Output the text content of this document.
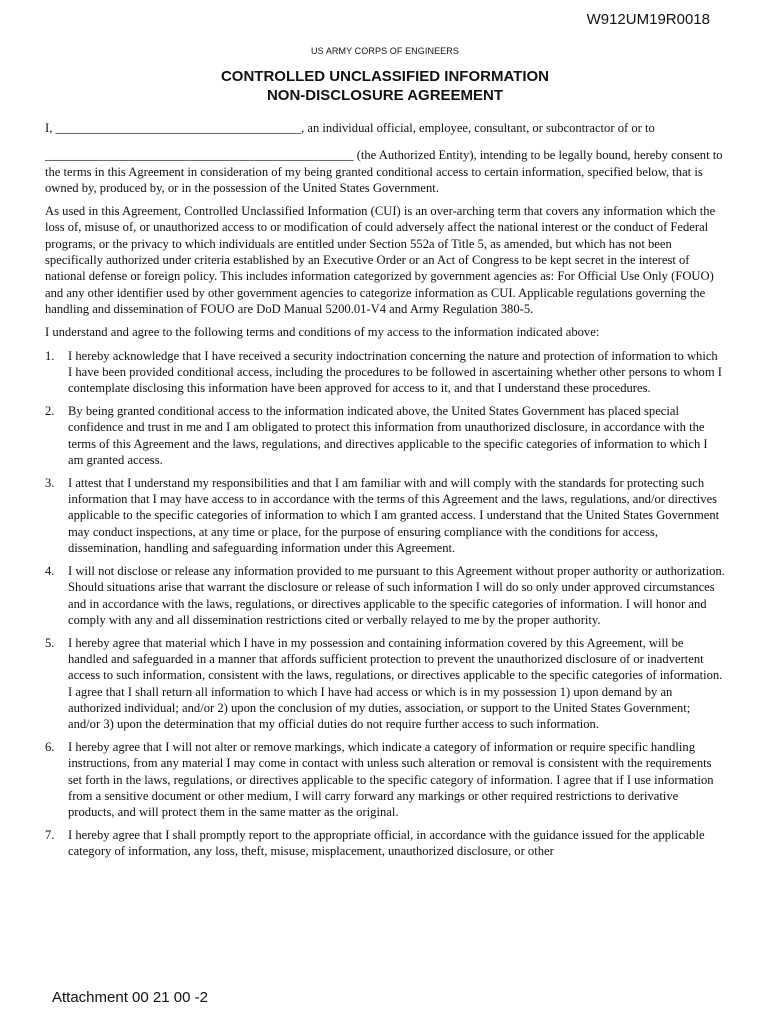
W912UM19R0018
US ARMY CORPS OF ENGINEERS
CONTROLLED UNCLASSIFIED INFORMATION
NON-DISCLOSURE AGREEMENT

I, _______________________________________, an individual official, employee, consultant, or subcontractor of or to

_________________________________________________ (the Authorized Entity), intending to be legally bound, hereby consent to the terms in this Agreement in consideration of my being granted conditional access to certain information, specified below, that is owned by, produced by, or in the possession of the United States Government.

As used in this Agreement, Controlled Unclassified Information (CUI) is an over-arching term that covers any information which the loss of, misuse of, or unauthorized access to or modification of could adversely affect the national interest or the conduct of Federal programs, or the privacy to which individuals are entitled under Section 552a of Title 5, as amended, but which has not been specifically authorized under criteria established by an Executive Order or an Act of Congress to be kept secret in the interest of national defense or foreign policy. This includes information categorized by government agencies as: For Official Use Only (FOUO) and any other identifier used by other government agencies to categorize information as CUI. Applicable regulations governing the handling and dissemination of FOUO are DoD Manual 5200.01-V4 and Army Regulation 380-5.

I understand and agree to the following terms and conditions of my access to the information indicated above:

1. I hereby acknowledge that I have received a security indoctrination concerning the nature and protection of information to which I have been provided conditional access, including the procedures to be followed in ascertaining whether other persons to whom I contemplate disclosing this information have been approved for access to it, and that I understand these procedures.
2. By being granted conditional access to the information indicated above, the United States Government has placed special confidence and trust in me and I am obligated to protect this information from unauthorized disclosure, in accordance with the terms of this Agreement and the laws, regulations, and directives applicable to the specific categories of information to which I am granted access.
3. I attest that I understand my responsibilities and that I am familiar with and will comply with the standards for protecting such information that I may have access to in accordance with the terms of this Agreement and the laws, regulations, and/or directives applicable to the specific categories of information to which I am granted access. I understand that the United States Government may conduct inspections, at any time or place, for the purpose of ensuring compliance with the conditions for access, dissemination, handling and safeguarding information under this Agreement.
4. I will not disclose or release any information provided to me pursuant to this Agreement without proper authority or authorization. Should situations arise that warrant the disclosure or release of such information I will do so only under approved circumstances and in accordance with the laws, regulations, or directives applicable to the specific categories of information. I will honor and comply with any and all dissemination restrictions cited or verbally relayed to me by the proper authority.
5. I hereby agree that material which I have in my possession and containing information covered by this Agreement, will be handled and safeguarded in a manner that affords sufficient protection to prevent the unauthorized disclosure of or inadvertent access to such information, consistent with the laws, regulations, or directives applicable to the specific categories of information. I agree that I shall return all information to which I have had access or which is in my possession 1) upon demand by an authorized individual; and/or 2) upon the conclusion of my duties, association, or support to the United States Government; and/or 3) upon the determination that my official duties do not require further access to such information.
6. I hereby agree that I will not alter or remove markings, which indicate a category of information or require specific handling instructions, from any material I may come in contact with unless such alteration or removal is consistent with the requirements set forth in the laws, regulations, or directives applicable to the specific category of information. I agree that if I use information from a sensitive document or other medium, I will carry forward any markings or other required restrictions to derivative products, and will protect them in the same matter as the original.
7. I hereby agree that I shall promptly report to the appropriate official, in accordance with the guidance issued for the applicable category of information, any loss, theft, misuse, misplacement, unauthorized disclosure, or other
Attachment 00 21 00 -2
